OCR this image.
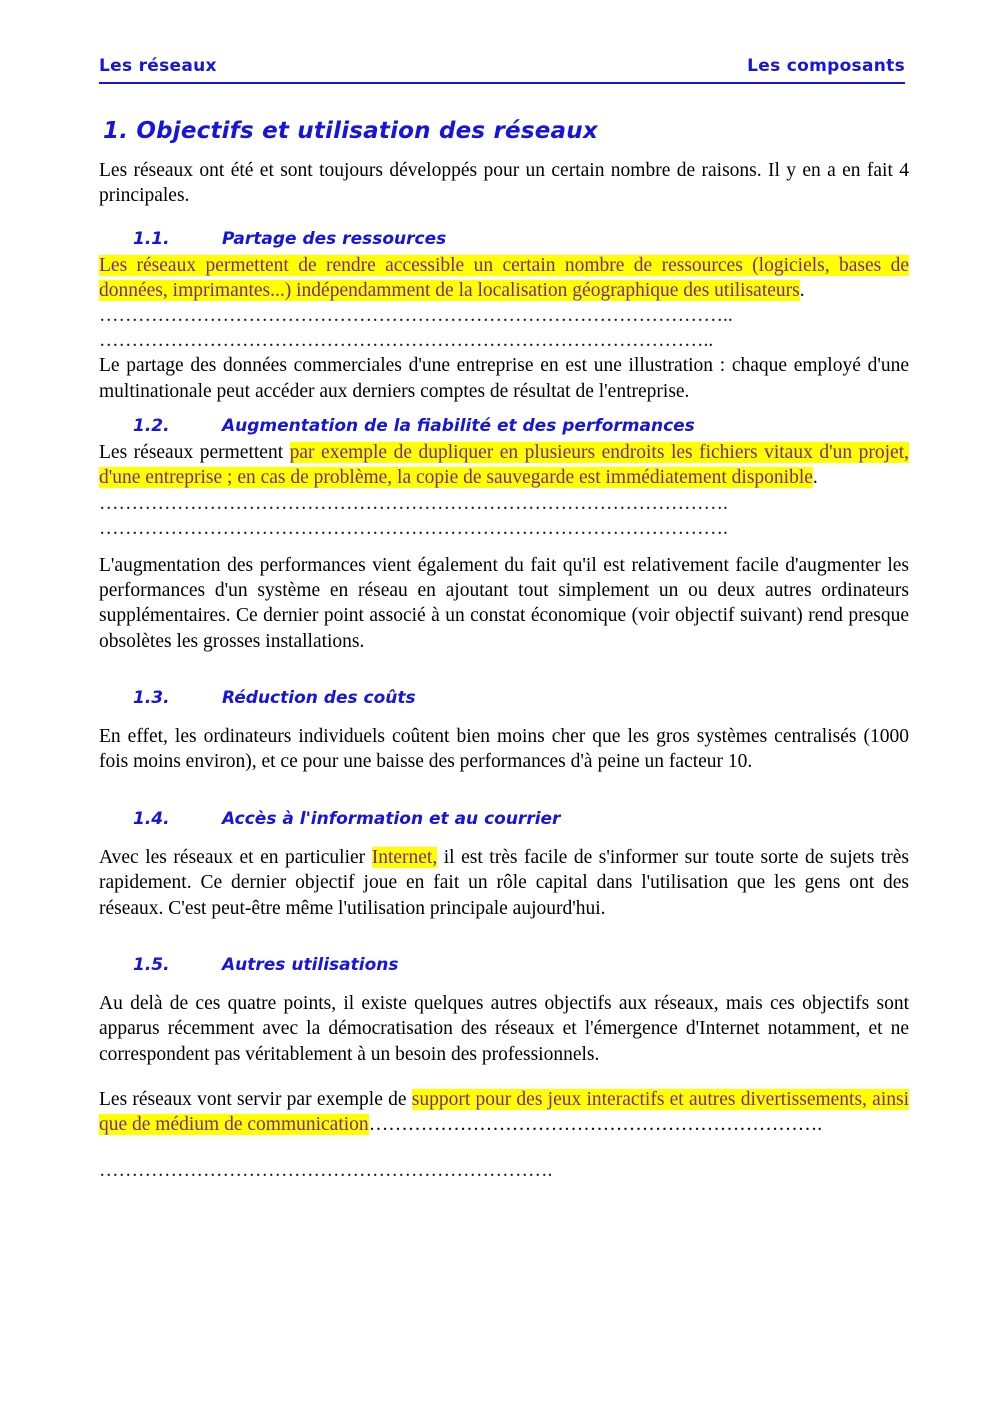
Les réseaux	Les composants
1. Objectifs et utilisation des réseaux

Les réseaux ont été et sont toujours développés pour un certain nombre de raisons. Il y en a en fait 4 principales.

1.1.	Partage des ressources

Les réseaux permettent de rendre accessible un certain nombre de ressources (logiciels, bases de données, imprimantes...) indépendamment de la localisation géographique des utilisateurs.

……………………………………………………………………………………..
…………………………………………………………………………………..

Le partage des données commerciales d'une entreprise en est une illustration : chaque employé d'une multinationale peut accéder aux derniers comptes de résultat de l'entreprise.

1.2.	Augmentation de la fiabilité et des performances

Les réseaux permettent par exemple de dupliquer en plusieurs endroits les fichiers vitaux d'un projet, d'une entreprise ; en cas de problème, la copie de sauvegarde est immédiatement disponible.

…………………………………………………………………………………….
…………………………………………………………………………………….

L'augmentation des performances vient également du fait qu'il est relativement facile d'augmenter les performances d'un système en réseau en ajoutant tout simplement un ou deux autres ordinateurs supplémentaires. Ce dernier point associé à un constat économique (voir objectif suivant) rend presque obsolètes les grosses installations.

1.3.	Réduction des coûts

En effet, les ordinateurs individuels coûtent bien moins cher que les gros systèmes centralisés (1000 fois moins environ), et ce pour une baisse des performances d'à peine un facteur 10.

1.4.	Accès à l'information et au courrier

Avec les réseaux et en particulier Internet, il est très facile de s'informer sur toute sorte de sujets très rapidement. Ce dernier objectif joue en fait un rôle capital dans l'utilisation que les gens ont des réseaux. C'est peut-être même l'utilisation principale aujourd'hui.

1.5.	Autres utilisations

Au delà de ces quatre points, il existe quelques autres objectifs aux réseaux, mais ces objectifs sont apparus récemment avec la démocratisation des réseaux et l'émergence d'Internet notamment, et ne correspondent pas véritablement à un besoin des professionnels.

Les réseaux vont servir par exemple de support pour des jeux interactifs et autres divertissements, ainsi que de médium de communication…………………………………………………………….

…………………………………………………………….
